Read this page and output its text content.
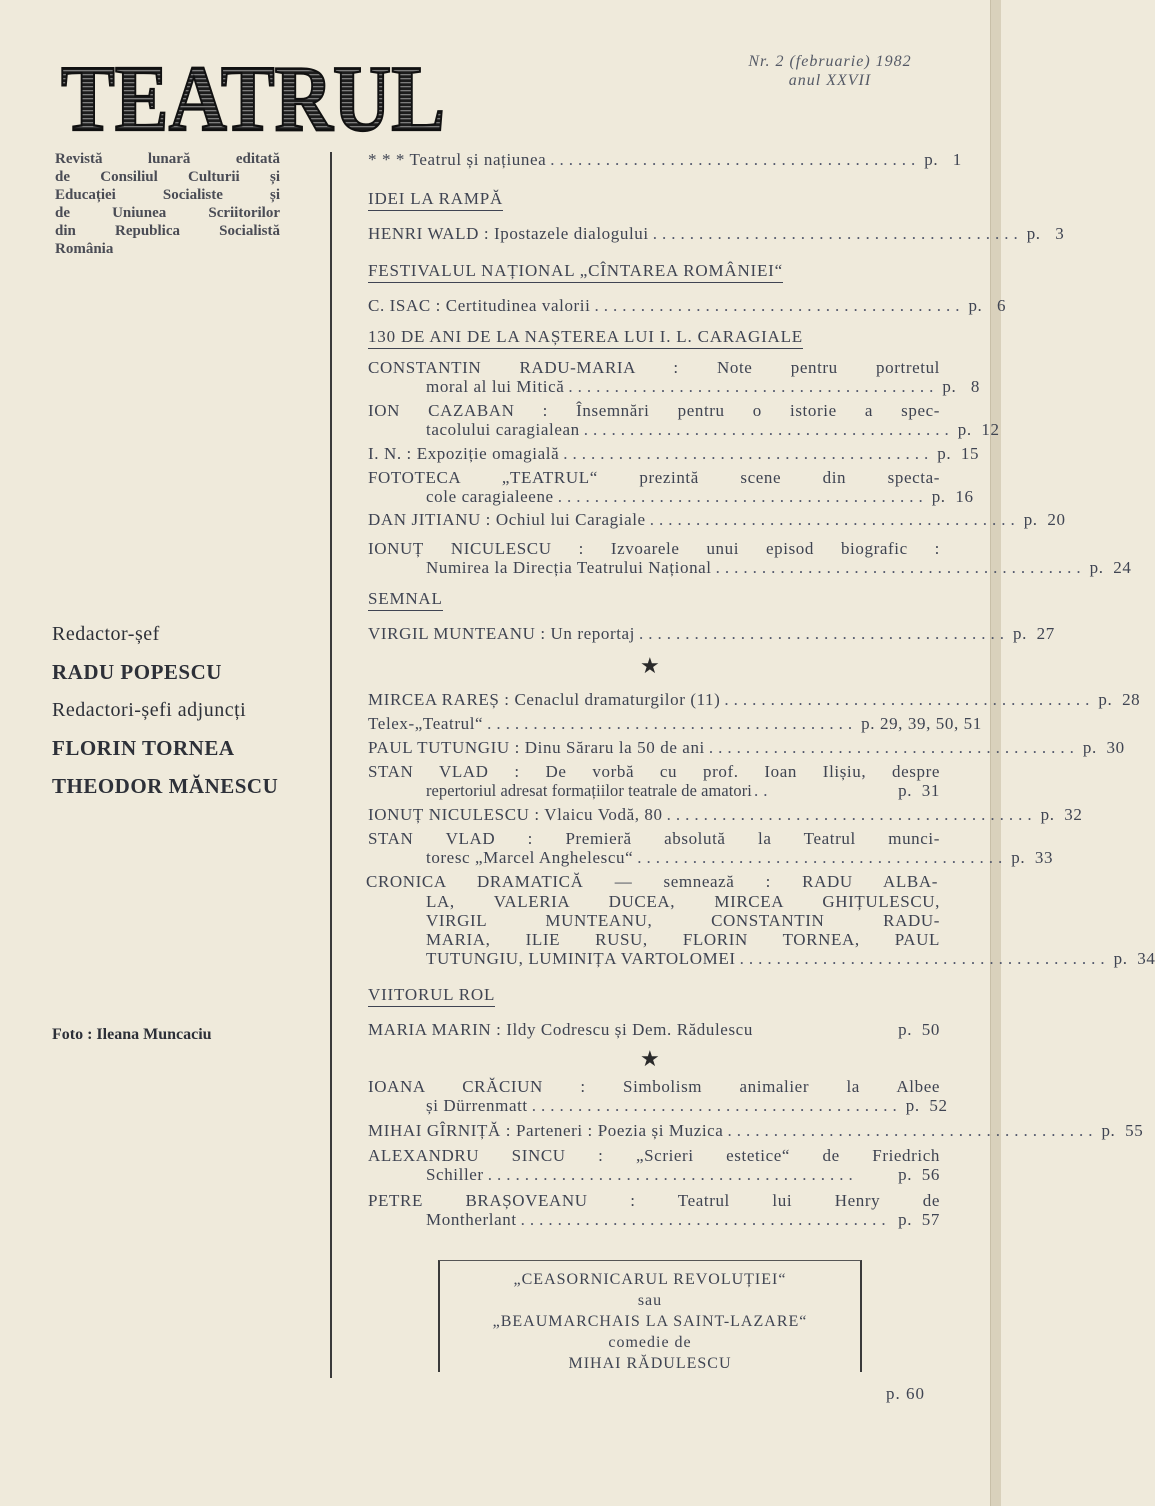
TEATRUL	Nr. 2 (februarie) 1982
anul XXVII
Revistă lunară editată
de Consiliul Culturii și
Educației Socialiste și
de Uniunea Scriitorilor
din Republica Socialistă
România
Redactor-șef
RADU POPESCU
Redactori-șefi adjuncți
FLORIN TORNEA
THEODOR MĂNESCU
Foto : Ileana Muncaciu
* * * Teatrul și națiunea ........................................ p.   1
IDEI LA RAMPĂ
HENRI WALD : Ipostazele dialogului ........................................ p.   3
FESTIVALUL NAȚIONAL „CÎNTAREA ROMÂNIEI“
C. ISAC : Certitudinea valorii ........................................ p.   6
130 DE ANI DE LA NAȘTEREA LUI I. L. CARAGIALE
CONSTANTIN RADU-MARIA : Note pentru portretul
moral al lui Mitică ........................................ p.   8
ION CAZABAN : Însemnări pentru o istorie a spec-
tacolului caragialean ........................................ p.  12
I. N. : Expoziție omagială ........................................ p.  15
FOTOTECA „TEATRUL“ prezintă scene din specta-
cole caragialeene ........................................ p.  16
DAN JITIANU : Ochiul lui Caragiale ........................................ p.  20
IONUȚ NICULESCU : Izvoarele unui episod biografic :
Numirea la Direcția Teatrului Național ........................................ p.  24
SEMNAL
VIRGIL MUNTEANU : Un reportaj ........................................ p.  27
★
MIRCEA RAREȘ : Cenaclul dramaturgilor (11) ........................................ p.  28
Telex-„Teatrul“ ........................................ p. 29, 39, 50, 51
PAUL TUTUNGIU : Dinu Săraru la 50 de ani ........................................ p.  30
STAN VLAD : De vorbă cu prof. Ioan Ilișiu, despre
repertoriul adresat formațiilor teatrale de amatori ..	p.  31
IONUȚ NICULESCU : Vlaicu Vodă, 80 ........................................ p.  32
STAN VLAD : Premieră absolută la Teatrul munci-
toresc „Marcel Anghelescu“ ........................................ p.  33
CRONICA DRAMATICĂ — semnează : RADU ALBA-
LA, VALERIA DUCEA, MIRCEA GHIȚULESCU,
VIRGIL MUNTEANU, CONSTANTIN RADU-
MARIA, ILIE RUSU, FLORIN TORNEA, PAUL
TUTUNGIU, LUMINIȚA VARTOLOMEI ........................................ p.  34
VIITORUL ROL
MARIA MARIN : Ildy Codrescu și Dem. Rădulescu	p.  50
★
IOANA CRĂCIUN : Simbolism animalier la Albee
și Dürrenmatt ........................................ p.  52
MIHAI GÎRNIȚĂ : Parteneri : Poezia și Muzica ........................................ p.  55
ALEXANDRU SINCU : „Scrieri estetice“ de Friedrich
Schiller ........................................	p.  56
PETRE BRAȘOVEANU : Teatrul lui Henry de
Montherlant ........................................ p.  57
„CEASORNICARUL REVOLUȚIEI“
sau
„BEAUMARCHAIS LA SAINT-LAZARE“
comedie de
MIHAI RĂDULESCU
p. 60
